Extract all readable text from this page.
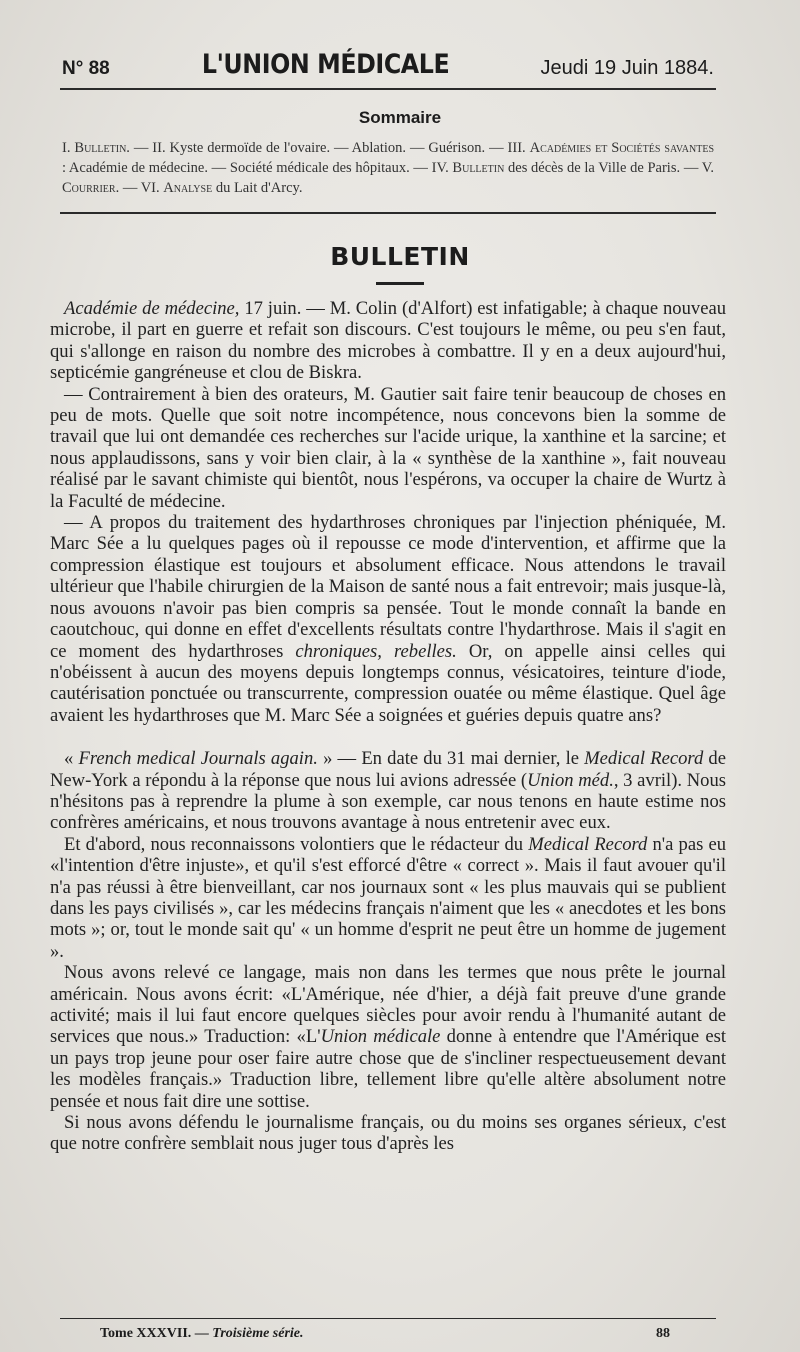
N° 88	L'UNION MÉDICALE	Jeudi 19 Juin 1884.
Sommaire
I. Bulletin. — II. Kyste dermoïde de l'ovaire. — Ablation. — Guérison. — III. Académies et Sociétés savantes : Académie de médecine. — Société médicale des hôpitaux. — IV. Bulletin des décès de la Ville de Paris. — V. Courrier. — VI. Analyse du Lait d'Arcy.
BULLETIN

Académie de médecine, 17 juin. — M. Colin (d'Alfort) est infatigable; à chaque nouveau microbe, il part en guerre et refait son discours. C'est toujours le même, ou peu s'en faut, qui s'allonge en raison du nombre des microbes à combattre. Il y en a deux aujourd'hui, septicémie gangréneuse et clou de Biskra.

— Contrairement à bien des orateurs, M. Gautier sait faire tenir beaucoup de choses en peu de mots. Quelle que soit notre incompétence, nous concevons bien la somme de travail que lui ont demandée ces recherches sur l'acide urique, la xanthine et la sarcine; et nous applaudissons, sans y voir bien clair, à la « synthèse de la xanthine », fait nouveau réalisé par le savant chimiste qui bientôt, nous l'espérons, va occuper la chaire de Wurtz à la Faculté de médecine.

— A propos du traitement des hydarthroses chroniques par l'injection phéniquée, M. Marc Sée a lu quelques pages où il repousse ce mode d'intervention, et affirme que la compression élastique est toujours et absolument efficace. Nous attendons le travail ultérieur que l'habile chirurgien de la Maison de santé nous a fait entrevoir; mais jusque-là, nous avouons n'avoir pas bien compris sa pensée. Tout le monde connaît la bande en caoutchouc, qui donne en effet d'excellents résultats contre l'hydarthrose. Mais il s'agit en ce moment des hydarthroses chroniques, rebelles. Or, on appelle ainsi celles qui n'obéissent à aucun des moyens depuis longtemps connus, vésicatoires, teinture d'iode, cautérisation ponctuée ou transcurrente, compression ouatée ou même élastique. Quel âge avaient les hydarthroses que M. Marc Sée a soignées et guéries depuis quatre ans?

« French medical Journals again. » — En date du 31 mai dernier, le Medical Record de New-York a répondu à la réponse que nous lui avions adressée (Union méd., 3 avril). Nous n'hésitons pas à reprendre la plume à son exemple, car nous tenons en haute estime nos confrères américains, et nous trouvons avantage à nous entretenir avec eux.

Et d'abord, nous reconnaissons volontiers que le rédacteur du Medical Record n'a pas eu «l'intention d'être injuste», et qu'il s'est efforcé d'être « correct ». Mais il faut avouer qu'il n'a pas réussi à être bienveillant, car nos journaux sont « les plus mauvais qui se publient dans les pays civilisés », car les médecins français n'aiment que les « anecdotes et les bons mots »; or, tout le monde sait qu' « un homme d'esprit ne peut être un homme de jugement ».

Nous avons relevé ce langage, mais non dans les termes que nous prête le journal américain. Nous avons écrit: «L'Amérique, née d'hier, a déjà fait preuve d'une grande activité; mais il lui faut encore quelques siècles pour avoir rendu à l'humanité autant de services que nous.» Traduction: «L'Union médicale donne à entendre que l'Amérique est un pays trop jeune pour oser faire autre chose que de s'incliner respectueusement devant les modèles français.» Traduction libre, tellement libre qu'elle altère absolument notre pensée et nous fait dire une sottise.

Si nous avons défendu le journalisme français, ou du moins ses organes sérieux, c'est que notre confrère semblait nous juger tous d'après les

Tome XXXVII. — Troisième série.	88
